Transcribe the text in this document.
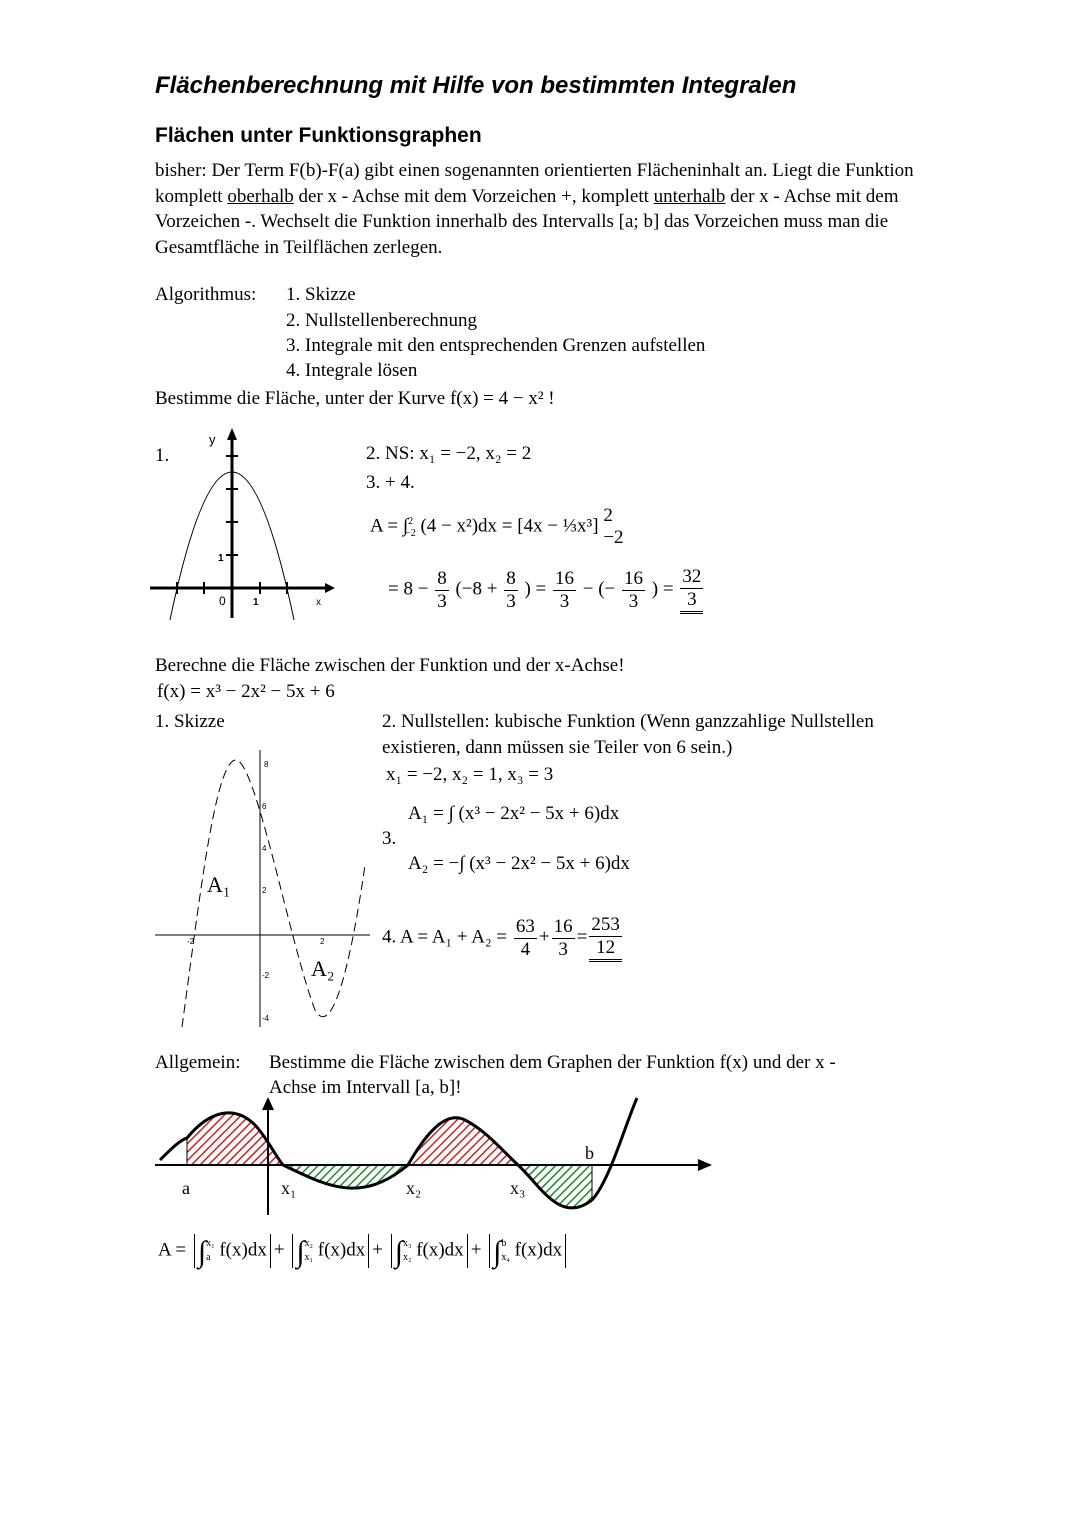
Flächenberechnung mit Hilfe von bestimmten Integralen
Flächen unter Funktionsgraphen
bisher: Der Term F(b)-F(a) gibt einen sogenannten orientierten Flächeninhalt an. Liegt die Funktion komplett oberhalb der x - Achse mit dem Vorzeichen +, komplett unterhalb der x - Achse mit dem Vorzeichen -. Wechselt die Funktion innerhalb des Intervalls [a; b] das Vorzeichen muss man die Gesamtfläche in Teilflächen zerlegen.
Algorithmus: 1. Skizze
2. Nullstellenberechnung
3. Integrale mit den entsprechenden Grenzen aufstellen
4. Integrale lösen
Bestimme die Fläche, unter der Kurve f(x) = 4 − x² !
1.
y
x
1
1
0
2. NS: x₁ = −2, x₂ = 2
3. + 4.
A = ∫$^2_{-2}$ (4 − x²)dx = [4x − ⅓x³] 2
−2
= $8 - \frac{8}{3} (-8 + \frac{8}{3}$ ) = $\frac{16}{3}$ − (− $\frac{16}{3}$ ) = $\frac{32}{3}$
Berechne die Fläche zwischen der Funktion und der x-Achse!
f(x) = x³ − 2x² − 5x + 6
1. Skizze	2. Nullstellen: kubische Funktion (Wenn ganzzahlige Nullstellen
existieren, dann müssen sie Teiler von 6 sein.)
x₁ = −2, x₂ = 1, x₃ = 3
A₁ = ∫ (x³ − 2x² − 5x + 6)dx
3.
A₂ = −∫ (x³ − 2x² − 5x + 6)dx
4. $A = A_1 + A_2 = \frac{63}{4} + \frac{16}{3} = \frac{253}{12}$
8
6
4
2
-2
-4
-2	2
A₁
A₂
Allgemein: Bestimme die Fläche zwischen dem Graphen der Funktion f(x) und der x -
Achse im Intervall [a, b]!
a
b
x₁	x₂	x₃
A = ∫ x₁
a f(x)dx + ∫ x₂
x₁ f(x)dx + ∫ x₃
x₂ f(x)dx + ∫ b
x₄ f(x)dx
